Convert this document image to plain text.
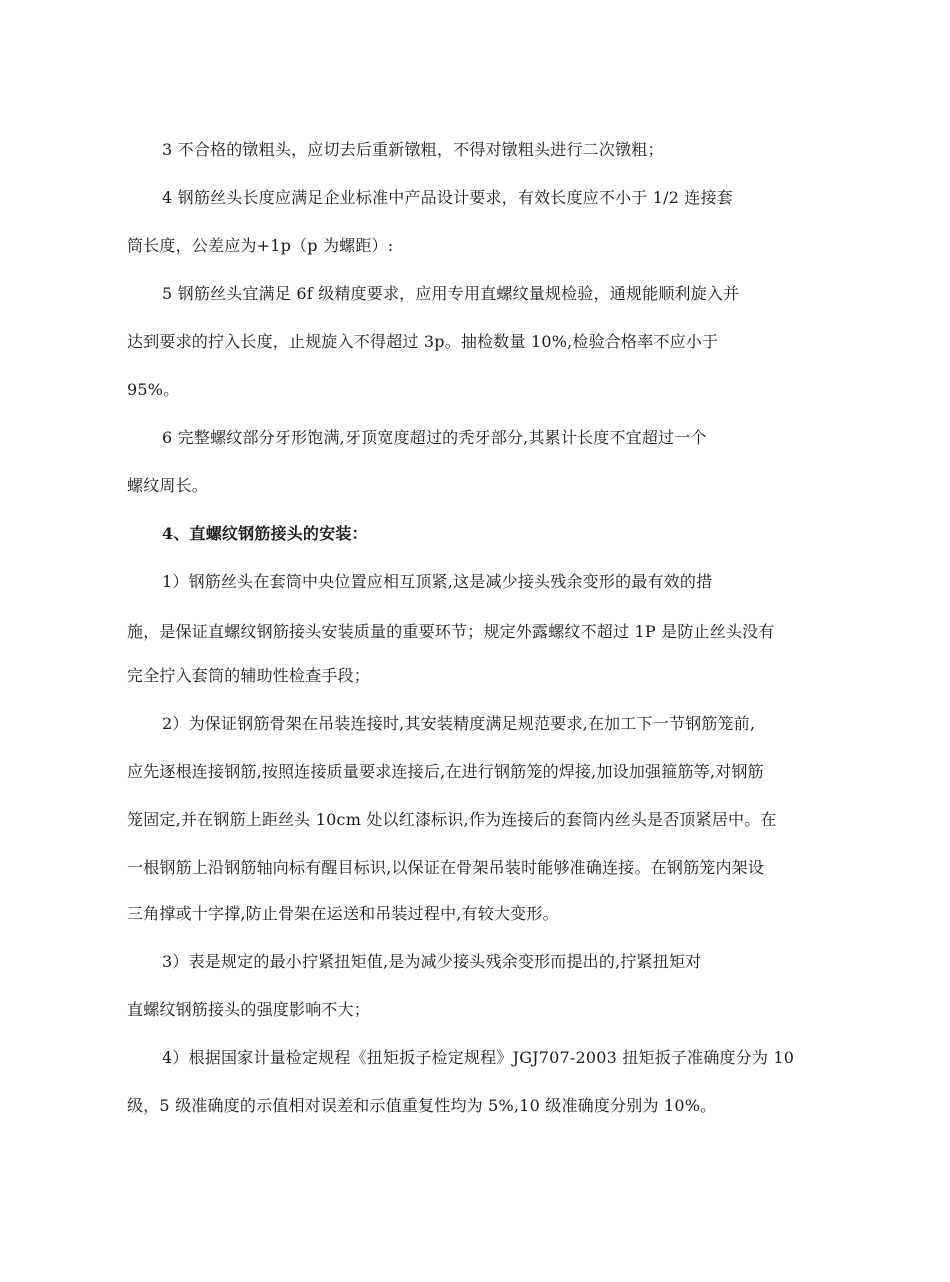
3 不合格的镦粗头，应切去后重新镦粗，不得对镦粗头进行二次镦粗；
4 钢筋丝头长度应满足企业标准中产品设计要求，有效长度应不小于 1/2 连接套
筒长度，公差应为+1p（p 为螺距）:
5 钢筋丝头宜满足 6f 级精度要求，应用专用直螺纹量规检验，通规能顺利旋入并
达到要求的拧入长度，止规旋入不得超过 3p。抽检数量 10%,检验合格率不应小于
95%。
6 完整螺纹部分牙形饱满,牙顶宽度超过的秃牙部分,其累计长度不宜超过一个
螺纹周长。
4、直螺纹钢筋接头的安装：
1）钢筋丝头在套筒中央位置应相互顶紧,这是减少接头残余变形的最有效的措
施，是保证直螺纹钢筋接头安装质量的重要环节；规定外露螺纹不超过 1P 是防止丝头没有
完全拧入套筒的辅助性检查手段；
2）为保证钢筋骨架在吊装连接时,其安装精度满足规范要求,在加工下一节钢筋笼前,
应先逐根连接钢筋,按照连接质量要求连接后,在进行钢筋笼的焊接,加设加强箍筋等,对钢筋
笼固定,并在钢筋上距丝头 10cm 处以红漆标识,作为连接后的套筒内丝头是否顶紧居中。在
一根钢筋上沿钢筋轴向标有醒目标识,以保证在骨架吊装时能够准确连接。在钢筋笼内架设
三角撑或十字撑,防止骨架在运送和吊装过程中,有较大变形。
3）表是规定的最小拧紧扭矩值,是为减少接头残余变形而提出的,拧紧扭矩对
直螺纹钢筋接头的强度影响不大；
4）根据国家计量检定规程《扭矩扳子检定规程》JGJ707-2003 扭矩扳子准确度分为 10
级，5 级准确度的示值相对误差和示值重复性均为 5%,10 级准确度分别为 10%。
